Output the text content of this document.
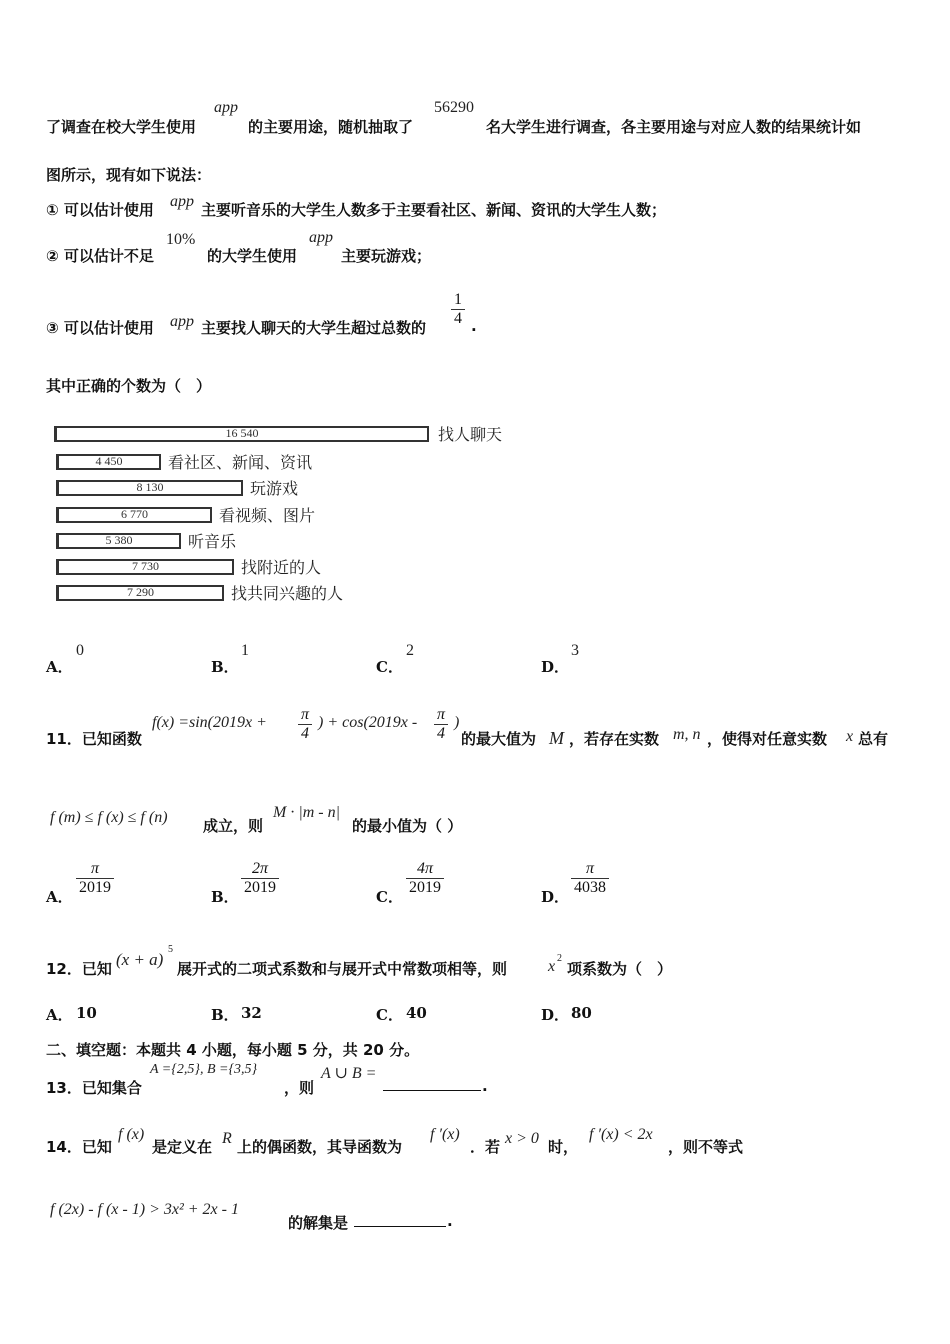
了调查在校大学生使用
app
的主要用途，随机抽取了
56290
名大学生进行调查，各主要用途与对应人数的结果统计如
图所示，现有如下说法：
① 可以估计使用 app 主要听音乐的大学生人数多于主要看社区、新闻、资讯的大学生人数；
② 可以估计不足
10%
的大学生使用
app
主要玩游戏；
③ 可以估计使用 app 主要找人聊天的大学生超过总数的 $\frac{1}{4}$ .
其中正确的个数为（　）
16 540	找人聊天
4 450	看社区、新闻、资讯
8 130	玩游戏
6 770	看视频、图片
5 380	听音乐
7 730	找附近的人
7 290	找共同兴趣的人
A．
0
B．
1
C．
2
D．
3
11．已知函数
$f(x) =\sin(2019x + \frac{\pi}{4}$ ) + $\cos(2019x - \frac{\pi}{4}$ )
的最大值为 M ，若存在实数 m, n ，使得对任意实数 x 总有
f (m) ≤ f (x) ≤ f (n) 成立，则
M · |m - n|
的最小值为（ ）
A． $\frac{\pi}{2019}$	B． $\frac{2\pi}{2019}$	C． $\frac{4\pi}{2019}$	D． $\frac{\pi}{4038}$
12．已知 (x + a)
5
展开式的二项式系数和与展开式中常数项相等，则	x 2
项系数为（　）
A． 10	B． 32	C． 40	D． 80
二、填空题：本题共 4 小题，每小题 5 分，共 20 分。
13．已知集合
A ={2,5}, B ={3,5}
，则
A ∪ B =
.
14．已知
f (x)
是定义在 R 上的偶函数，其导函数为
f ′(x)
．若 x > 0 时，
f ′(x) < 2x
，则不等式
f (2x) - f (x - 1) > 3x² + 2x - 1
的解集是	.
